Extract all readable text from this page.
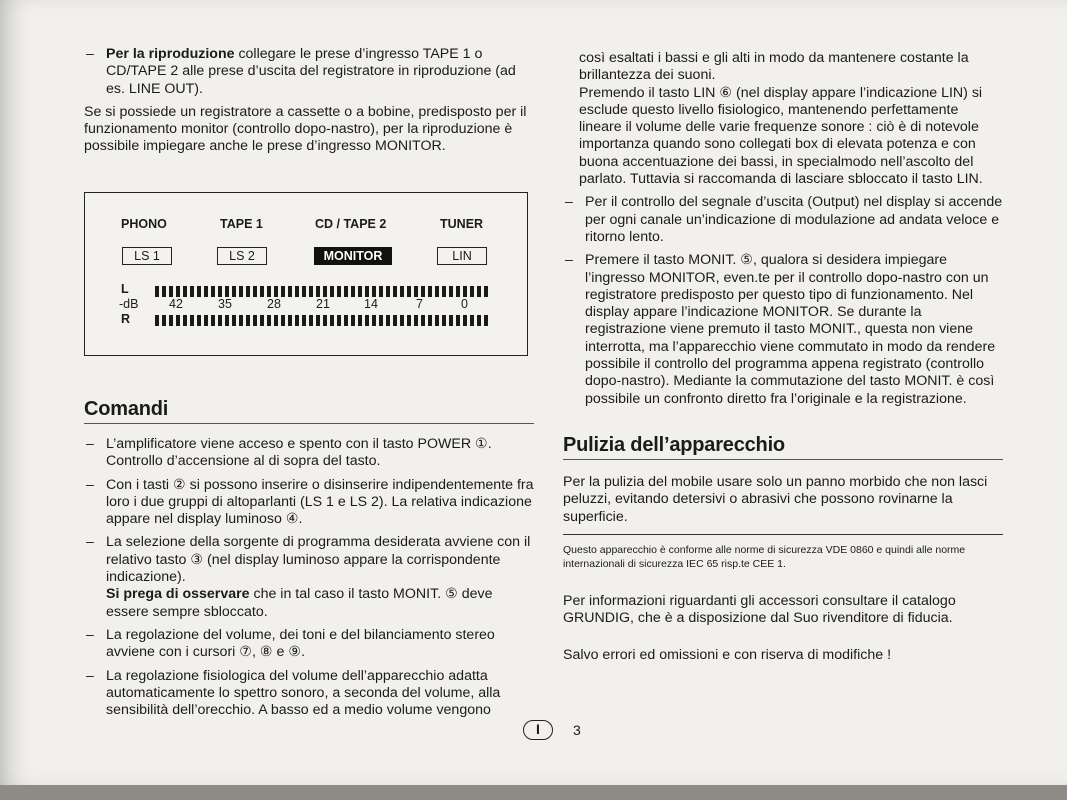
– Per la riproduzione collegare le prese d’ingresso TAPE 1 o CD/TAPE 2 alle prese d’uscita del registratore in riproduzione (ad es. LINE OUT).

Se si possiede un registratore a cassette o a bobine, predisposto per il funzionamento monitor (controllo dopo-nastro), per la riproduzione è possibile impiegare anche le prese d’ingresso MONITOR.

PHONO	TAPE 1	CD / TAPE 2	TUNER
LS 1	LS 2	MONITOR	LIN
L
-dB 42	35	28	21	14	7	0
R
Comandi

– L’amplificatore viene acceso e spento con il tasto POWER ①. Controllo d’accensione al di sopra del tasto.

– Con i tasti ② si possono inserire o disinserire indipendentemente fra loro i due gruppi di altoparlanti (LS 1 e LS 2). La relativa indicazione appare nel display luminoso ④.

– La selezione della sorgente di programma desiderata avviene con il relativo tasto ③ (nel display luminoso appare la corrispondente indicazione).

Si prega di osservare che in tal caso il tasto MONIT. ⑤ deve essere sempre sbloccato.

– La regolazione del volume, dei toni e del bilanciamento stereo avviene con i cursori ⑦, ⑧ e ⑨.

– La regolazione fisiologica del volume dell’apparecchio adatta automaticamente lo spettro sonoro, a seconda del volume, alla sensibilità dell’orecchio. A basso ed a medio volume vengono

così esaltati i bassi e gli alti in modo da mantenere costante la brillantezza dei suoni.

Premendo il tasto LIN ⑥ (nel display appare l’indicazione LIN) si esclude questo livello fisiologico, mantenendo perfettamente lineare il volume delle varie frequenze sonore : ciò è di notevole importanza quando sono collegati box di elevata potenza e con buona accentuazione dei bassi, in specialmodo nell’ascolto del parlato. Tuttavia si raccomanda di lasciare sbloccato il tasto LIN.

– Per il controllo del segnale d’uscita (Output) nel display si accende per ogni canale un’indicazione di modulazione ad andata veloce e ritorno lento.

– Premere il tasto MONIT. ⑤, qualora si desidera impiegare l’ingresso MONITOR, even.te per il controllo dopo-nastro con un registratore predisposto per questo tipo di funzionamento. Nel display appare l’indicazione MONITOR. Se durante la registrazione viene premuto il tasto MONIT., questa non viene interrotta, ma l’apparecchio viene commutato in modo da rendere possibile il controllo del programma appena registrato (controllo dopo-nastro). Mediante la commutazione del tasto MONIT. è così possibile un confronto diretto fra l’originale e la registrazione.

Pulizia dell’apparecchio

Per la pulizia del mobile usare solo un panno morbido che non lasci peluzzi, evitando detersivi o abrasivi che possono rovinarne la superficie.

Questo apparecchio è conforme alle norme di sicurezza VDE 0860 e quindi alle norme internazionali di sicurezza IEC 65 risp.te CEE 1.

Per informazioni riguardanti gli accessori consultare il catalogo GRUNDIG, che è a disposizione dal Suo rivenditore di fiducia.

Salvo errori ed omissioni e con riserva di modifiche !

I	3
